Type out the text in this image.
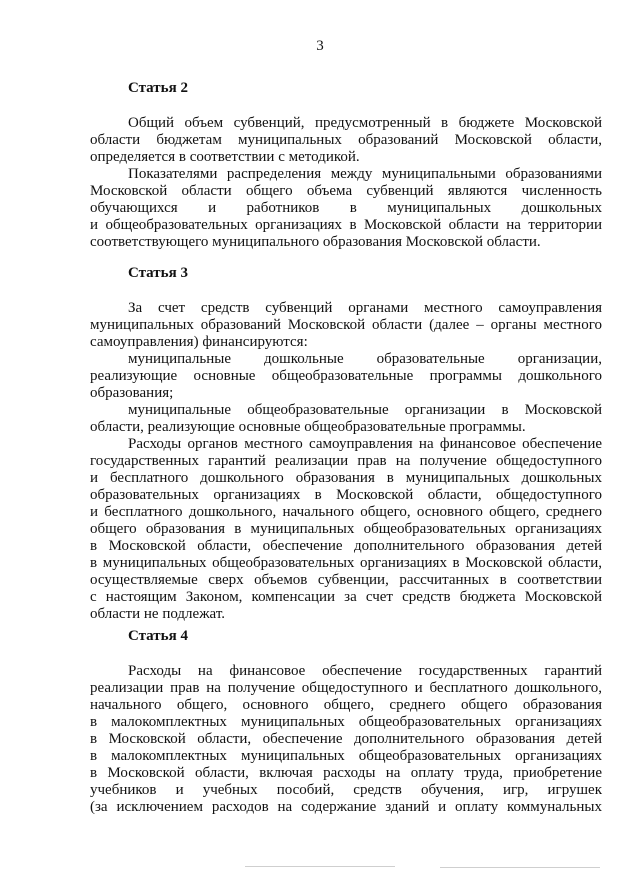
3
Статья 2
Общий объем субвенций, предусмотренный в бюджете Московской
области бюджетам муниципальных образований Московской области,
определяется в соответствии с методикой.
Показателями распределения между муниципальными образованиями
Московской области общего объема субвенций являются численность
обучающихся и работников в муниципальных дошкольных
и общеобразовательных организациях в Московской области на территории
соответствующего муниципального образования Московской области.
Статья 3
За счет средств субвенций органами местного самоуправления
муниципальных образований Московской области (далее – органы местного
самоуправления) финансируются:
муниципальные дошкольные образовательные организации,
реализующие основные общеобразовательные программы дошкольного
образования;
муниципальные общеобразовательные организации в Московской
области, реализующие основные общеобразовательные программы.
Расходы органов местного самоуправления на финансовое обеспечение
государственных гарантий реализации прав на получение общедоступного
и бесплатного дошкольного образования в муниципальных дошкольных
образовательных организациях в Московской области, общедоступного
и бесплатного дошкольного, начального общего, основного общего, среднего
общего образования в муниципальных общеобразовательных организациях
в Московской области, обеспечение дополнительного образования детей
в муниципальных общеобразовательных организациях в Московской области,
осуществляемые сверх объемов субвенции, рассчитанных в соответствии
с настоящим Законом, компенсации за счет средств бюджета Московской
области не подлежат.
Статья 4
Расходы на финансовое обеспечение государственных гарантий
реализации прав на получение общедоступного и бесплатного дошкольного,
начального общего, основного общего, среднего общего образования
в малокомплектных муниципальных общеобразовательных организациях
в Московской области, обеспечение дополнительного образования детей
в малокомплектных муниципальных общеобразовательных организациях
в Московской области, включая расходы на оплату труда, приобретение
учебников и учебных пособий, средств обучения, игр, игрушек
(за исключением расходов на содержание зданий и оплату коммунальных
